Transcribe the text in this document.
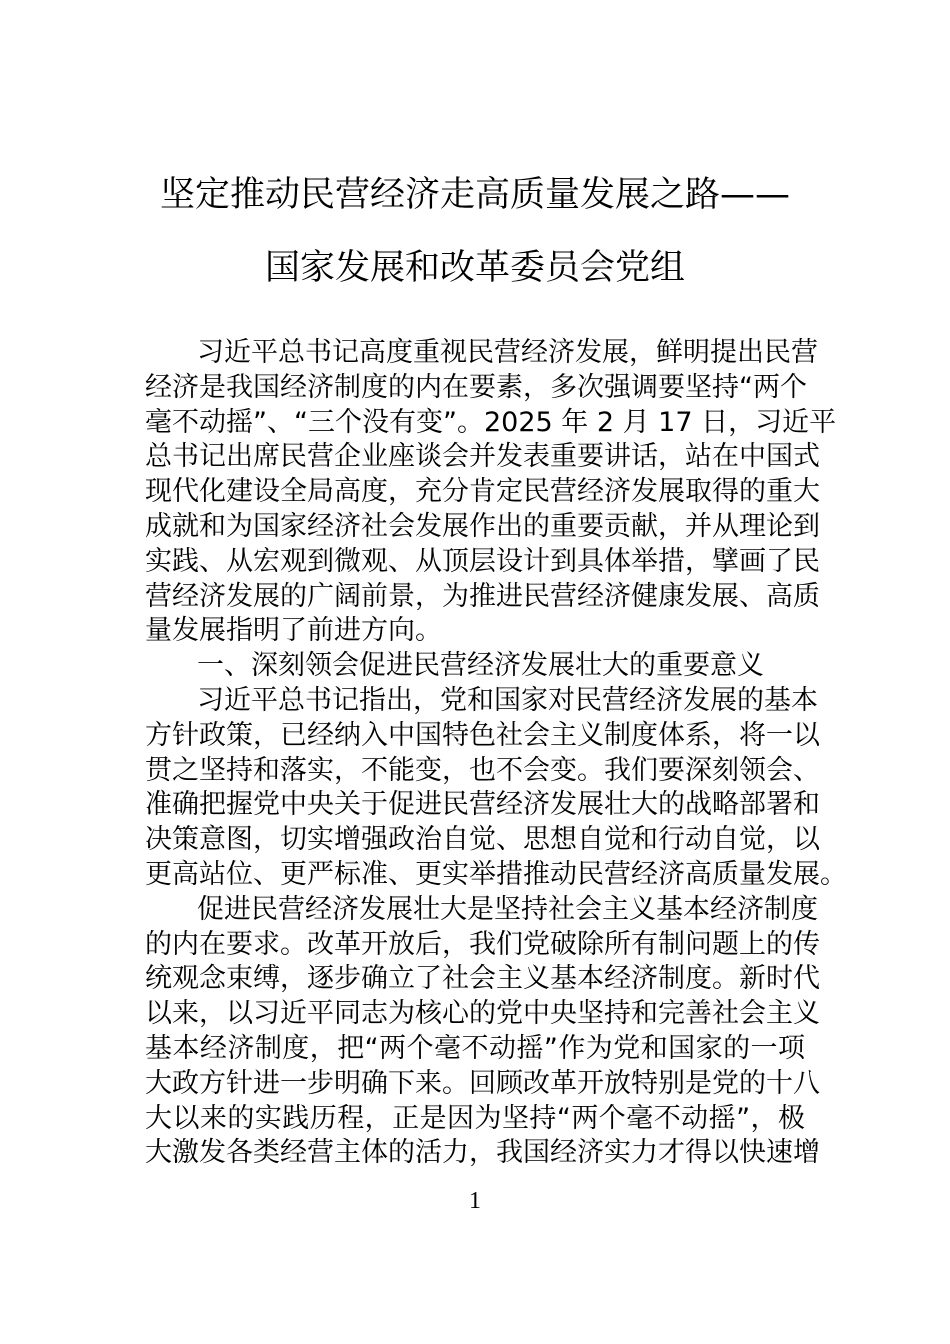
坚定推动民营经济走高质量发展之路——
国家发展和改革委员会党组
习近平总书记高度重视民营经济发展，鲜明提出民营
经济是我国经济制度的内在要素，多次强调要坚持“两个
毫不动摇”、“三个没有变”。2025 年 2 月 17 日，习近平
总书记出席民营企业座谈会并发表重要讲话，站在中国式
现代化建设全局高度，充分肯定民营经济发展取得的重大
成就和为国家经济社会发展作出的重要贡献，并从理论到
实践、从宏观到微观、从顶层设计到具体举措，擘画了民
营经济发展的广阔前景，为推进民营经济健康发展、高质
量发展指明了前进方向。
一、深刻领会促进民营经济发展壮大的重要意义
习近平总书记指出，党和国家对民营经济发展的基本
方针政策，已经纳入中国特色社会主义制度体系，将一以
贯之坚持和落实，不能变，也不会变。我们要深刻领会、
准确把握党中央关于促进民营经济发展壮大的战略部署和
决策意图，切实增强政治自觉、思想自觉和行动自觉，以
更高站位、更严标准、更实举措推动民营经济高质量发展。
促进民营经济发展壮大是坚持社会主义基本经济制度
的内在要求。改革开放后，我们党破除所有制问题上的传
统观念束缚，逐步确立了社会主义基本经济制度。新时代
以来，以习近平同志为核心的党中央坚持和完善社会主义
基本经济制度，把“两个毫不动摇”作为党和国家的一项
大政方针进一步明确下来。回顾改革开放特别是党的十八
大以来的实践历程，正是因为坚持“两个毫不动摇”，极
大激发各类经营主体的活力，我国经济实力才得以快速增
1
